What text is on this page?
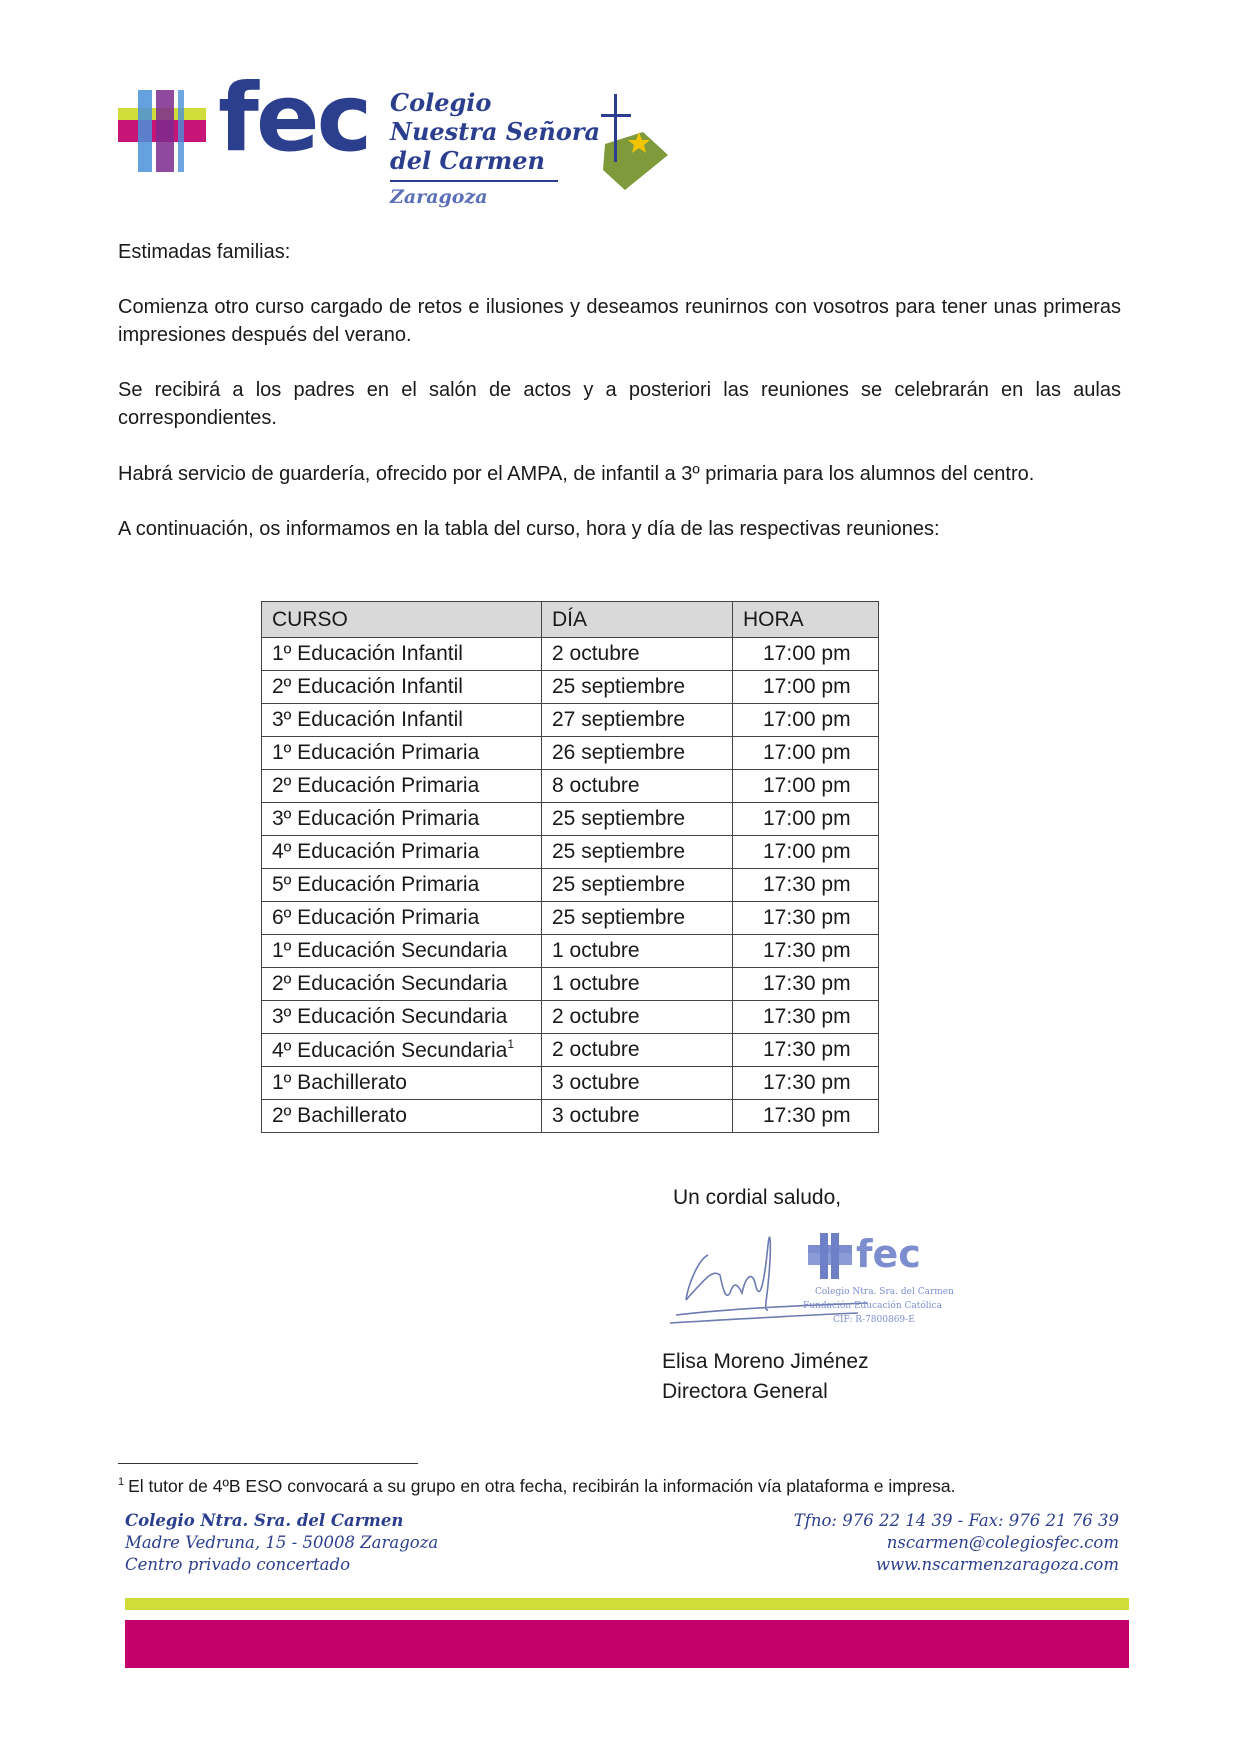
fec Colegio
Nuestra Señora
del Carmen
Zaragoza

Estimadas familias:

Comienza otro curso cargado de retos e ilusiones y deseamos reunirnos con vosotros para tener unas primeras impresiones después del verano.

Se recibirá a los padres en el salón de actos y a posteriori las reuniones se celebrarán en las aulas correspondientes.

Habrá servicio de guardería, ofrecido por el AMPA, de infantil a 3º primaria para los alumnos del centro.

A continuación, os informamos en la tabla del curso, hora y día de las respectivas reuniones:

CURSO	DÍA	HORA
1º Educación Infantil	2 octubre	17:00 pm
2º Educación Infantil	25 septiembre	17:00 pm
3º Educación Infantil	27 septiembre	17:00 pm
1º Educación Primaria	26 septiembre	17:00 pm
2º Educación Primaria	8 octubre	17:00 pm
3º Educación Primaria	25 septiembre	17:00 pm
4º Educación Primaria	25 septiembre	17:00 pm
5º Educación Primaria	25 septiembre	17:30 pm
6º Educación Primaria	25 septiembre	17:30 pm
1º Educación Secundaria	1 octubre	17:30 pm
2º Educación Secundaria	1 octubre	17:30 pm
3º Educación Secundaria	2 octubre	17:30 pm
4º Educación Secundaria$^1$	2 octubre	17:30 pm
1º Bachillerato	3 octubre	17:30 pm
2º Bachillerato	3 octubre	17:30 pm
Un cordial saludo,
fec
Colegio Ntra. Sra. del Carmen
Fundación Educación Católica
CIF: R-7800869-E
Elisa Moreno Jiménez
Directora General
$^1$ El tutor de 4ºB ESO convocará a su grupo en otra fecha, recibirán la información vía plataforma e impresa.
Colegio Ntra. Sra. del Carmen
Madre Vedruna, 15 - 50008 Zaragoza
Centro privado concertado
Tfno: 976 22 14 39 - Fax: 976 21 76 39
nscarmen@colegiosfec.com
www.nscarmenzaragoza.com
